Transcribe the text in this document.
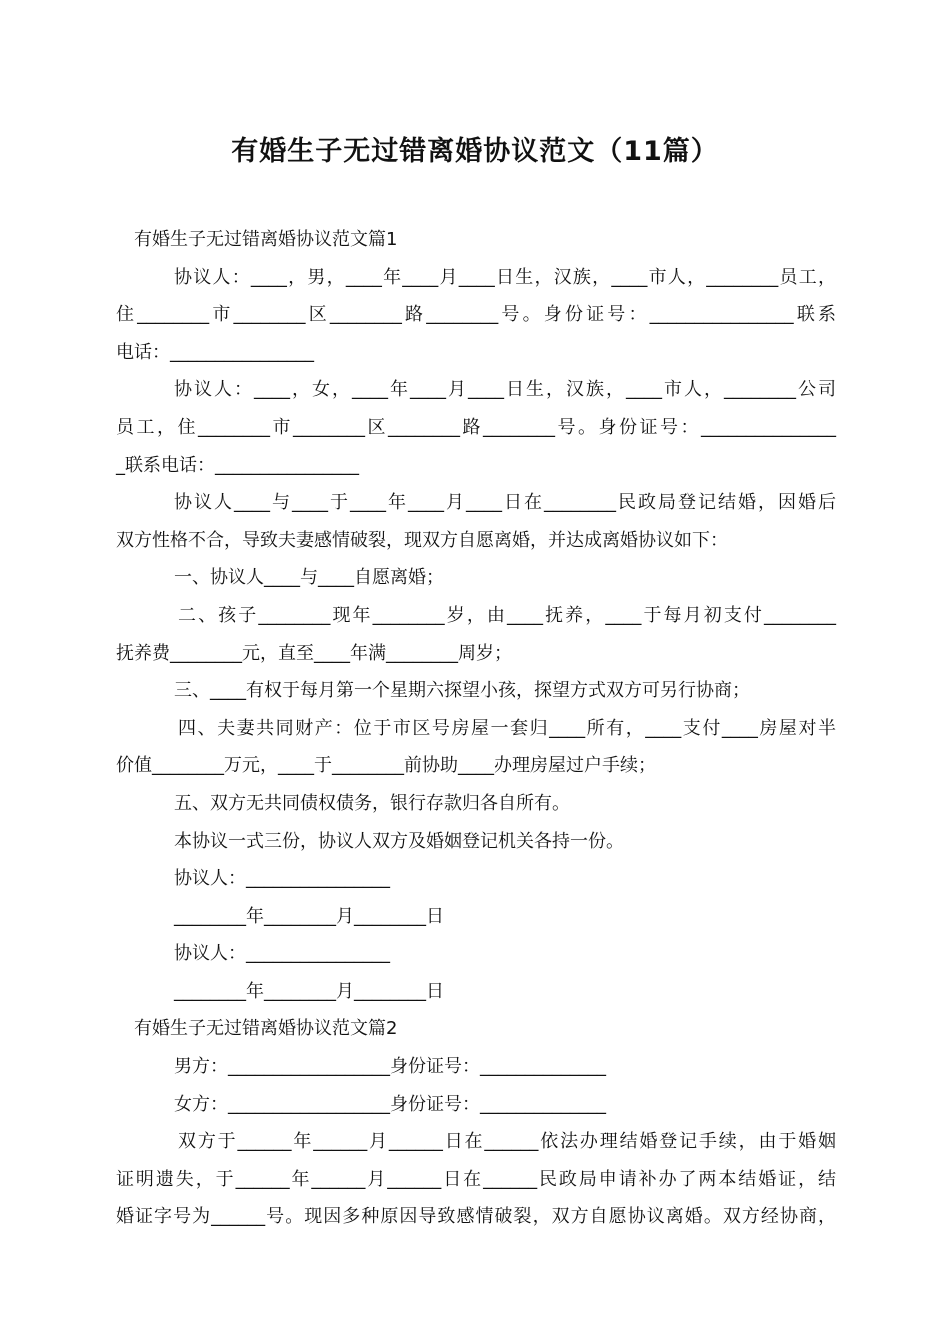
有婚生子无过错离婚协议范文（11篇）
有婚生子无过错离婚协议范文篇1
协议人：____，男，____年____月____日生，汉族，____市人，________员工，
住________市________区________路________号。身份证号：________________联系
电话：________________
协议人：____，女，____年____月____日生，汉族，____市人，________公司
员工，住________市________区________路________号。身份证号：_______________
_联系电话：________________
协议人____与____于____年____月____日在________民政局登记结婚，因婚后
双方性格不合，导致夫妻感情破裂，现双方自愿离婚，并达成离婚协议如下：
一、协议人____与____自愿离婚；
二、孩子________现年________岁，由____抚养，____于每月初支付________
抚养费________元，直至____年满________周岁；
三、____有权于每月第一个星期六探望小孩，探望方式双方可另行协商；
四、夫妻共同财产：位于市区号房屋一套归____所有，____支付____房屋对半
价值________万元，____于________前协助____办理房屋过户手续；
五、双方无共同债权债务，银行存款归各自所有。
本协议一式三份，协议人双方及婚姻登记机关各持一份。
协议人：________________
________年________月________日
协议人：________________
________年________月________日
有婚生子无过错离婚协议范文篇2
男方：__________________身份证号：______________
女方：__________________身份证号：______________
双方于______年______月______日在______依法办理结婚登记手续，由于婚姻
证明遗失，于______年______月______日在______民政局申请补办了两本结婚证，结
婚证字号为______号。现因多种原因导致感情破裂，双方自愿协议离婚。双方经协商，
